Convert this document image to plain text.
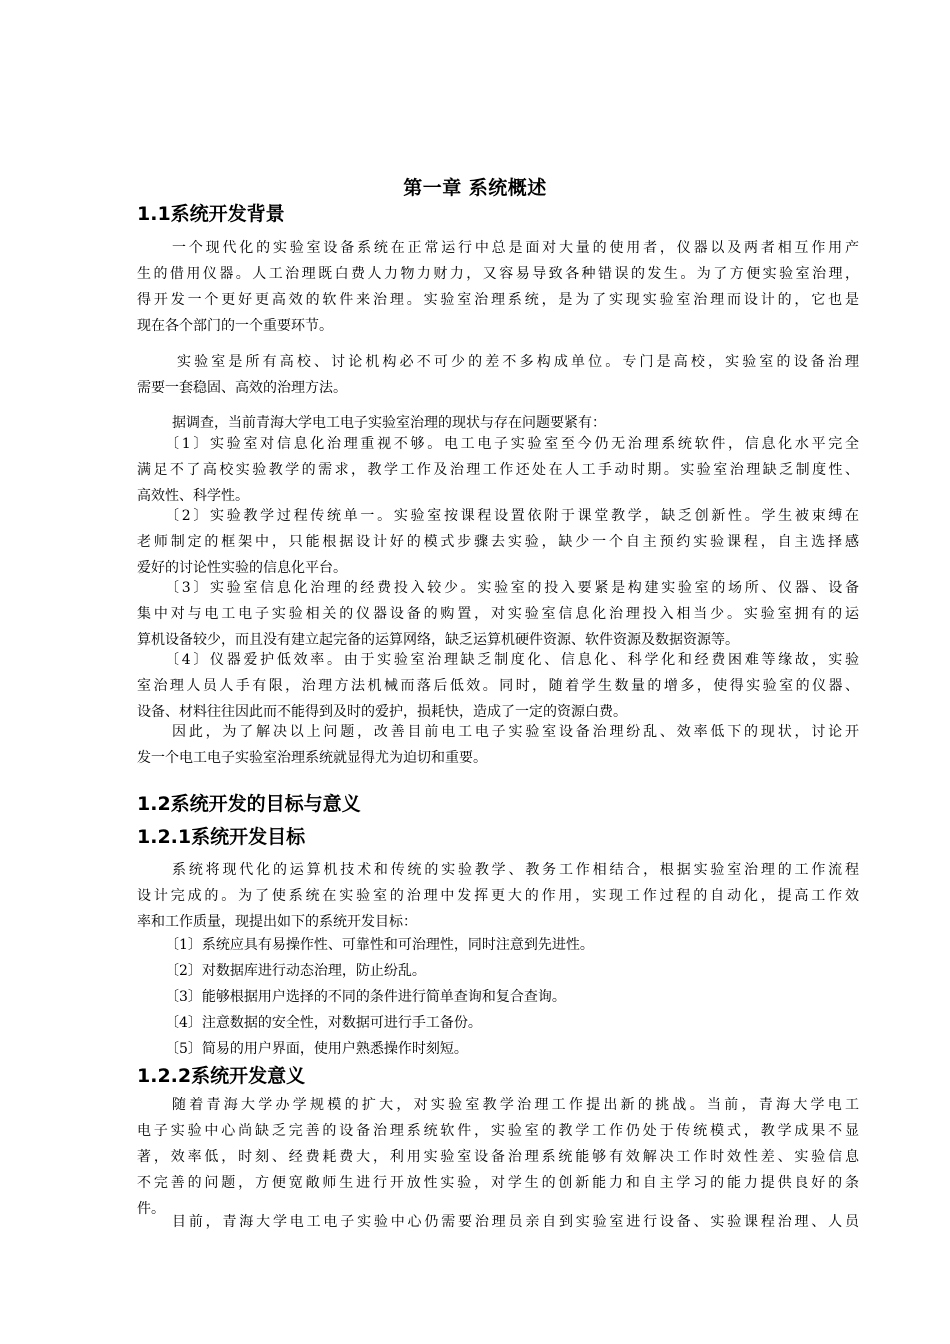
第一章 系统概述
1.1系统开发背景
一个现代化的实验室设备系统在正常运行中总是面对大量的使用者，仪器以及两者相互作用产
生的借用仪器。人工治理既白费人力物力财力，又容易导致各种错误的发生。为了方便实验室治理，
得开发一个更好更高效的软件来治理。实验室治理系统，是为了实现实验室治理而设计的，它也是
现在各个部门的一个重要环节。
实验室是所有高校、讨论机构必不可少的差不多构成单位。专门是高校，实验室的设备治理
需要一套稳固、高效的治理方法。
据调查，当前青海大学电工电子实验室治理的现状与存在问题要紧有：
〔1〕实验室对信息化治理重视不够。电工电子实验室至今仍无治理系统软件，信息化水平完全
满足不了高校实验教学的需求，教学工作及治理工作还处在人工手动时期。实验室治理缺乏制度性、
高效性、科学性。
〔2〕实验教学过程传统单一。实验室按课程设置依附于课堂教学，缺乏创新性。学生被束缚在
老师制定的框架中，只能根据设计好的模式步骤去实验，缺少一个自主预约实验课程，自主选择感
爱好的讨论性实验的信息化平台。
〔3〕实验室信息化治理的经费投入较少。实验室的投入要紧是构建实验室的场所、仪器、设备
集中对与电工电子实验相关的仪器设备的购置，对实验室信息化治理投入相当少。实验室拥有的运
算机设备较少，而且没有建立起完备的运算网络，缺乏运算机硬件资源、软件资源及数据资源等。
〔4〕仪器爱护低效率。由于实验室治理缺乏制度化、信息化、科学化和经费困难等缘故，实验
室治理人员人手有限，治理方法机械而落后低效。同时，随着学生数量的增多，使得实验室的仪器、
设备、材料往往因此而不能得到及时的爱护，损耗快，造成了一定的资源白费。
因此，为了解决以上问题，改善目前电工电子实验室设备治理纷乱、效率低下的现状，讨论开
发一个电工电子实验室治理系统就显得尤为迫切和重要。
1.2系统开发的目标与意义
1.2.1系统开发目标
系统将现代化的运算机技术和传统的实验教学、教务工作相结合，根据实验室治理的工作流程
设计完成的。为了使系统在实验室的治理中发挥更大的作用，实现工作过程的自动化，提高工作效
率和工作质量，现提出如下的系统开发目标：
〔1〕系统应具有易操作性、可靠性和可治理性，同时注意到先进性。
〔2〕对数据库进行动态治理，防止纷乱。
〔3〕能够根据用户选择的不同的条件进行简单查询和复合查询。
〔4〕注意数据的安全性，对数据可进行手工备份。
〔5〕简易的用户界面，使用户熟悉操作时刻短。
1.2.2系统开发意义
随着青海大学办学规模的扩大，对实验室教学治理工作提出新的挑战。当前，青海大学电工
电子实验中心尚缺乏完善的设备治理系统软件，实验室的教学工作仍处于传统模式，教学成果不显
著，效率低，时刻、经费耗费大，利用实验室设备治理系统能够有效解决工作时效性差、实验信息
不完善的问题，方便宽敞师生进行开放性实验，对学生的创新能力和自主学习的能力提供良好的条
件。
目前，青海大学电工电子实验中心仍需要治理员亲自到实验室进行设备、实验课程治理、人员
